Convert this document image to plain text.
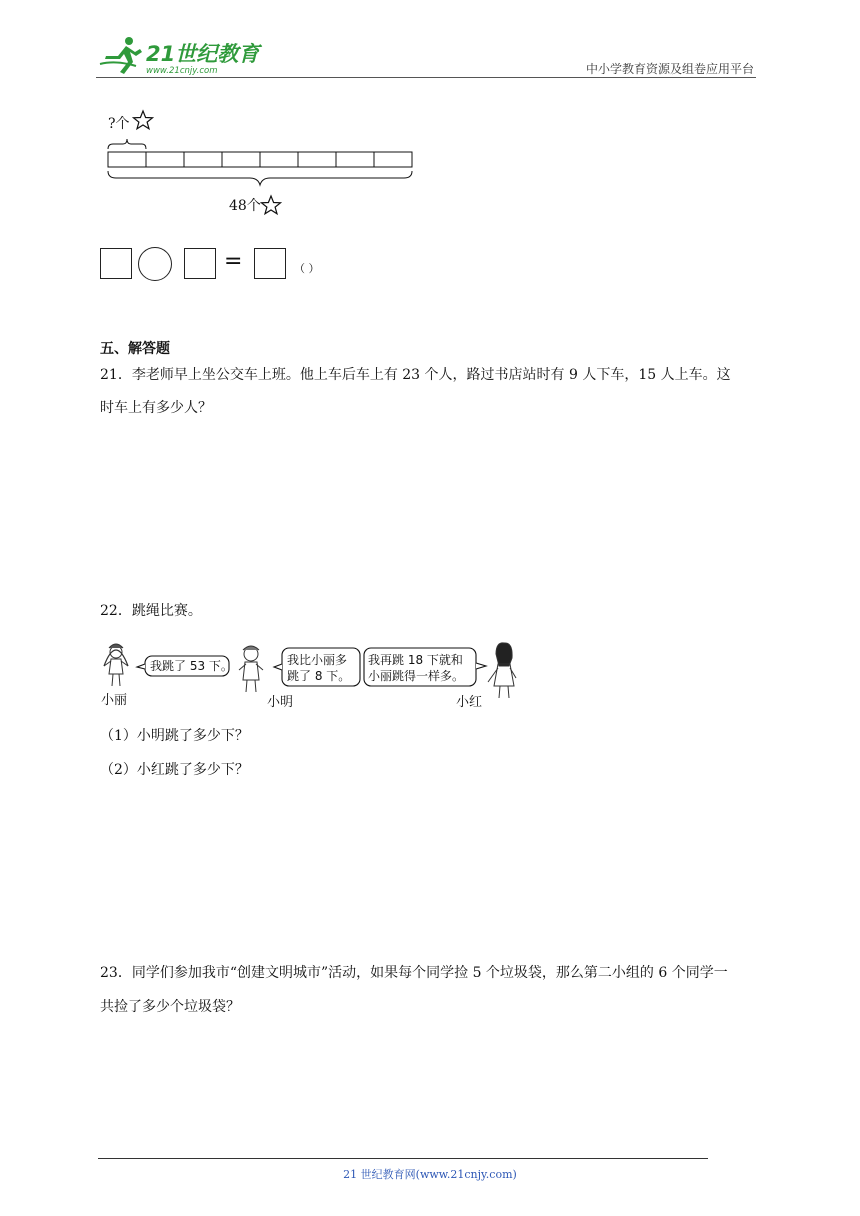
21世纪教育
www.21cnjy.com	中小学教育资源及组卷应用平台
?个
48个
=	（ ）
五、解答题
21．李老师早上坐公交车上班。他上车后车上有 23 个人，路过书店站时有 9 人下车，15 人上车。这
时车上有多少人？
22．跳绳比赛。
我跳了 53 下。
小丽
我比小丽多
跳了 8 下。
小明
我再跳 18 下就和
小丽跳得一样多。
小红
（1）小明跳了多少下？
（2）小红跳了多少下？
23．同学们参加我市“创建文明城市”活动，如果每个同学捡 5 个垃圾袋，那么第二小组的 6 个同学一
共捡了多少个垃圾袋？
21 世纪教育网(www.21cnjy.com)
